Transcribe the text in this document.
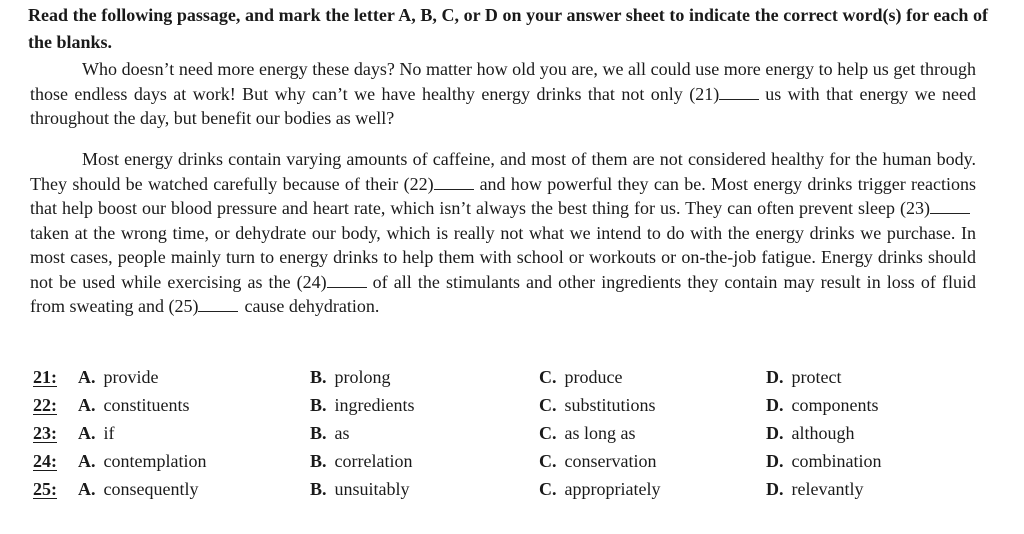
Read the following passage, and mark the letter A, B, C, or D on your answer sheet to indicate the correct word(s) for each of the blanks.
Who doesn’t need more energy these days? No matter how old you are, we all could use more energy to help us get through those endless days at work! But why can’t we have healthy energy drinks that not only (21)	us with that energy we need throughout the day, but benefit our bodies as well?
Most energy drinks contain varying amounts of caffeine, and most of them are not considered healthy for the human body. They should be watched carefully because of their (22)	and how powerful they can be. Most energy drinks trigger reactions that help boost our blood pressure and heart rate, which isn’t always the best thing for us. They can often prevent sleep (23)taken at the wrong time, or dehydrate our body, which is really not what we intend to do with the energy drinks we purchase. In most cases, people mainly turn to energy drinks to help them with school or workouts or on-the-job fatigue. Energy drinks should not be used while exercising as the (24)	of all the stimulants and other ingredients they contain may result in loss of fluid from sweating and (25)	cause dehydration.
21: A. provide	B. prolong	C. produce	D. protect
22: A. constituents	B. ingredients	C. substitutions	D. components
23: A. if	B. as	C. as long as	D. although
24: A. contemplation	B. correlation	C. conservation	D. combination
25: A. consequently	B. unsuitably	C. appropriately	D. relevantly
